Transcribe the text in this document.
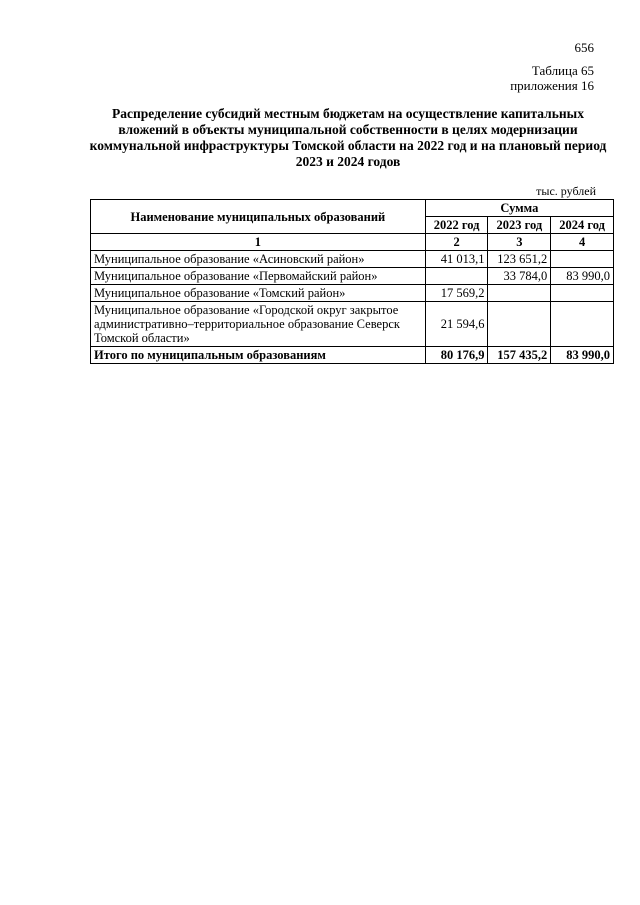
656
Таблица 65
приложения 16
Распределение субсидий местным бюджетам на осуществление капитальных вложений в объекты муниципальной собственности в целях модернизации коммунальной инфраструктуры Томской области на 2022 год и на плановый период 2023 и 2024 годов
тыс. рублей
Наименование муниципальных образований	Сумма		
	2022 год	2023 год	2024 год
1	2	3	4
Муниципальное образование «Асиновский район»	41 013,1	123 651,2	
Муниципальное образование «Первомайский район»		33 784,0	83 990,0
Муниципальное образование «Томский район»	17 569,2		
Муниципальное образование «Городской округ закрытое административно–территориальное образование Северск Томской области»	21 594,6		
Итого по муниципальным образованиям	80 176,9	157 435,2	83 990,0
